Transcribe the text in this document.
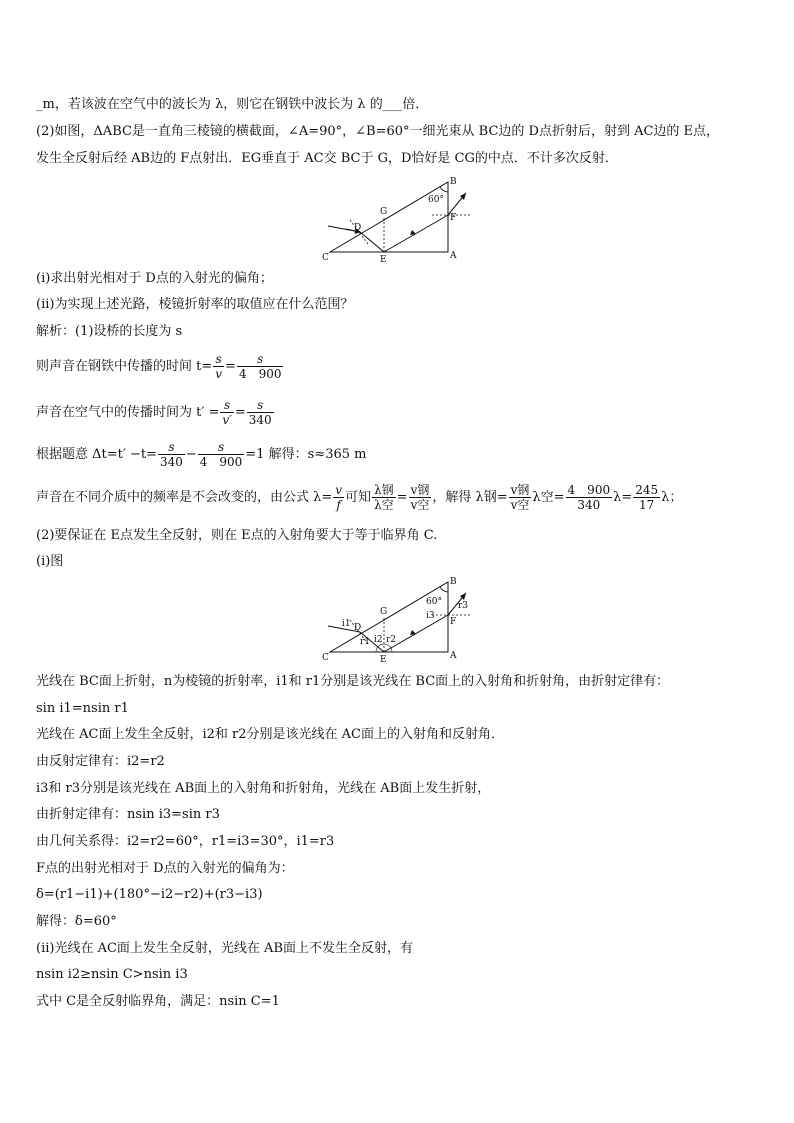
_m，若该波在空气中的波长为 λ，则它在钢铁中波长为 λ 的___倍．
(2)如图，ΔABC是一直角三棱镜的横截面，∠A=90°，∠B=60°一细光束从 BC边的 D点折射后，射到 AC边的 E点，
发生全反射后经 AB边的 F点射出．EG垂直于 AC交 BC于 G，D恰好是 CG的中点．不计多次反射．
C
B
A
D
E
F
G
60°
(ⅰ)求出射光相对于 D点的入射光的偏角；
(ⅱ)为实现上述光路，棱镜折射率的取值应在什么范围？
解析：(1)设桥的长度为 s
则声音在钢铁中传播的时间 $t= \frac{s}{v} = \frac{s}{4 900}$
声音在空气中的传播时间为 $t' = \frac{s}{v'} = \frac{s}{340}$
根据题意 $\Delta t=t' -t= \frac{s}{340} - \frac{s}{4 900} =1$ 解得：s≈365 m
声音在不同介质中的频率是不会改变的，由公式 $\lambda= \frac{v}{f}$ 可知 $\frac{\text{λ钢}}{\text{λ空}} = \frac{\text{v钢}}{\text{v空}}$ ，解得 λ钢= $\frac{\text{v钢}}{\text{v空}}$ λ空= $\frac{4 900}{340} \lambda= \frac{245}{17}$ λ；
(2)要保证在 E点发生全反射，则在 E点的入射角要大于等于临界角 C.
(ⅰ)图
C
B
A
D
E
F
G
60°
i1
r1 i2 r2
i3
r3
光线在 BC面上折射，n为棱镜的折射率，i1和 r1分别是该光线在 BC面上的入射角和折射角，由折射定律有：
sin i1=nsin r1
光线在 AC面上发生全反射，i2和 r2分别是该光线在 AC面上的入射角和反射角．
由反射定律有：i2=r2
i3和 r3分别是该光线在 AB面上的入射角和折射角，光线在 AB面上发生折射，
由折射定律有：nsin i3=sin r3
由几何关系得：i2=r2=60°，r1=i3=30°，i1=r3
F点的出射光相对于 D点的入射光的偏角为：
δ=(r1−i1)+(180°−i2−r2)+(r3−i3)
解得：δ=60°
(ⅱ)光线在 AC面上发生全反射，光线在 AB面上不发生全反射，有
nsin i2≥nsin C>nsin i3
式中 C是全反射临界角，满足：nsin C=1
